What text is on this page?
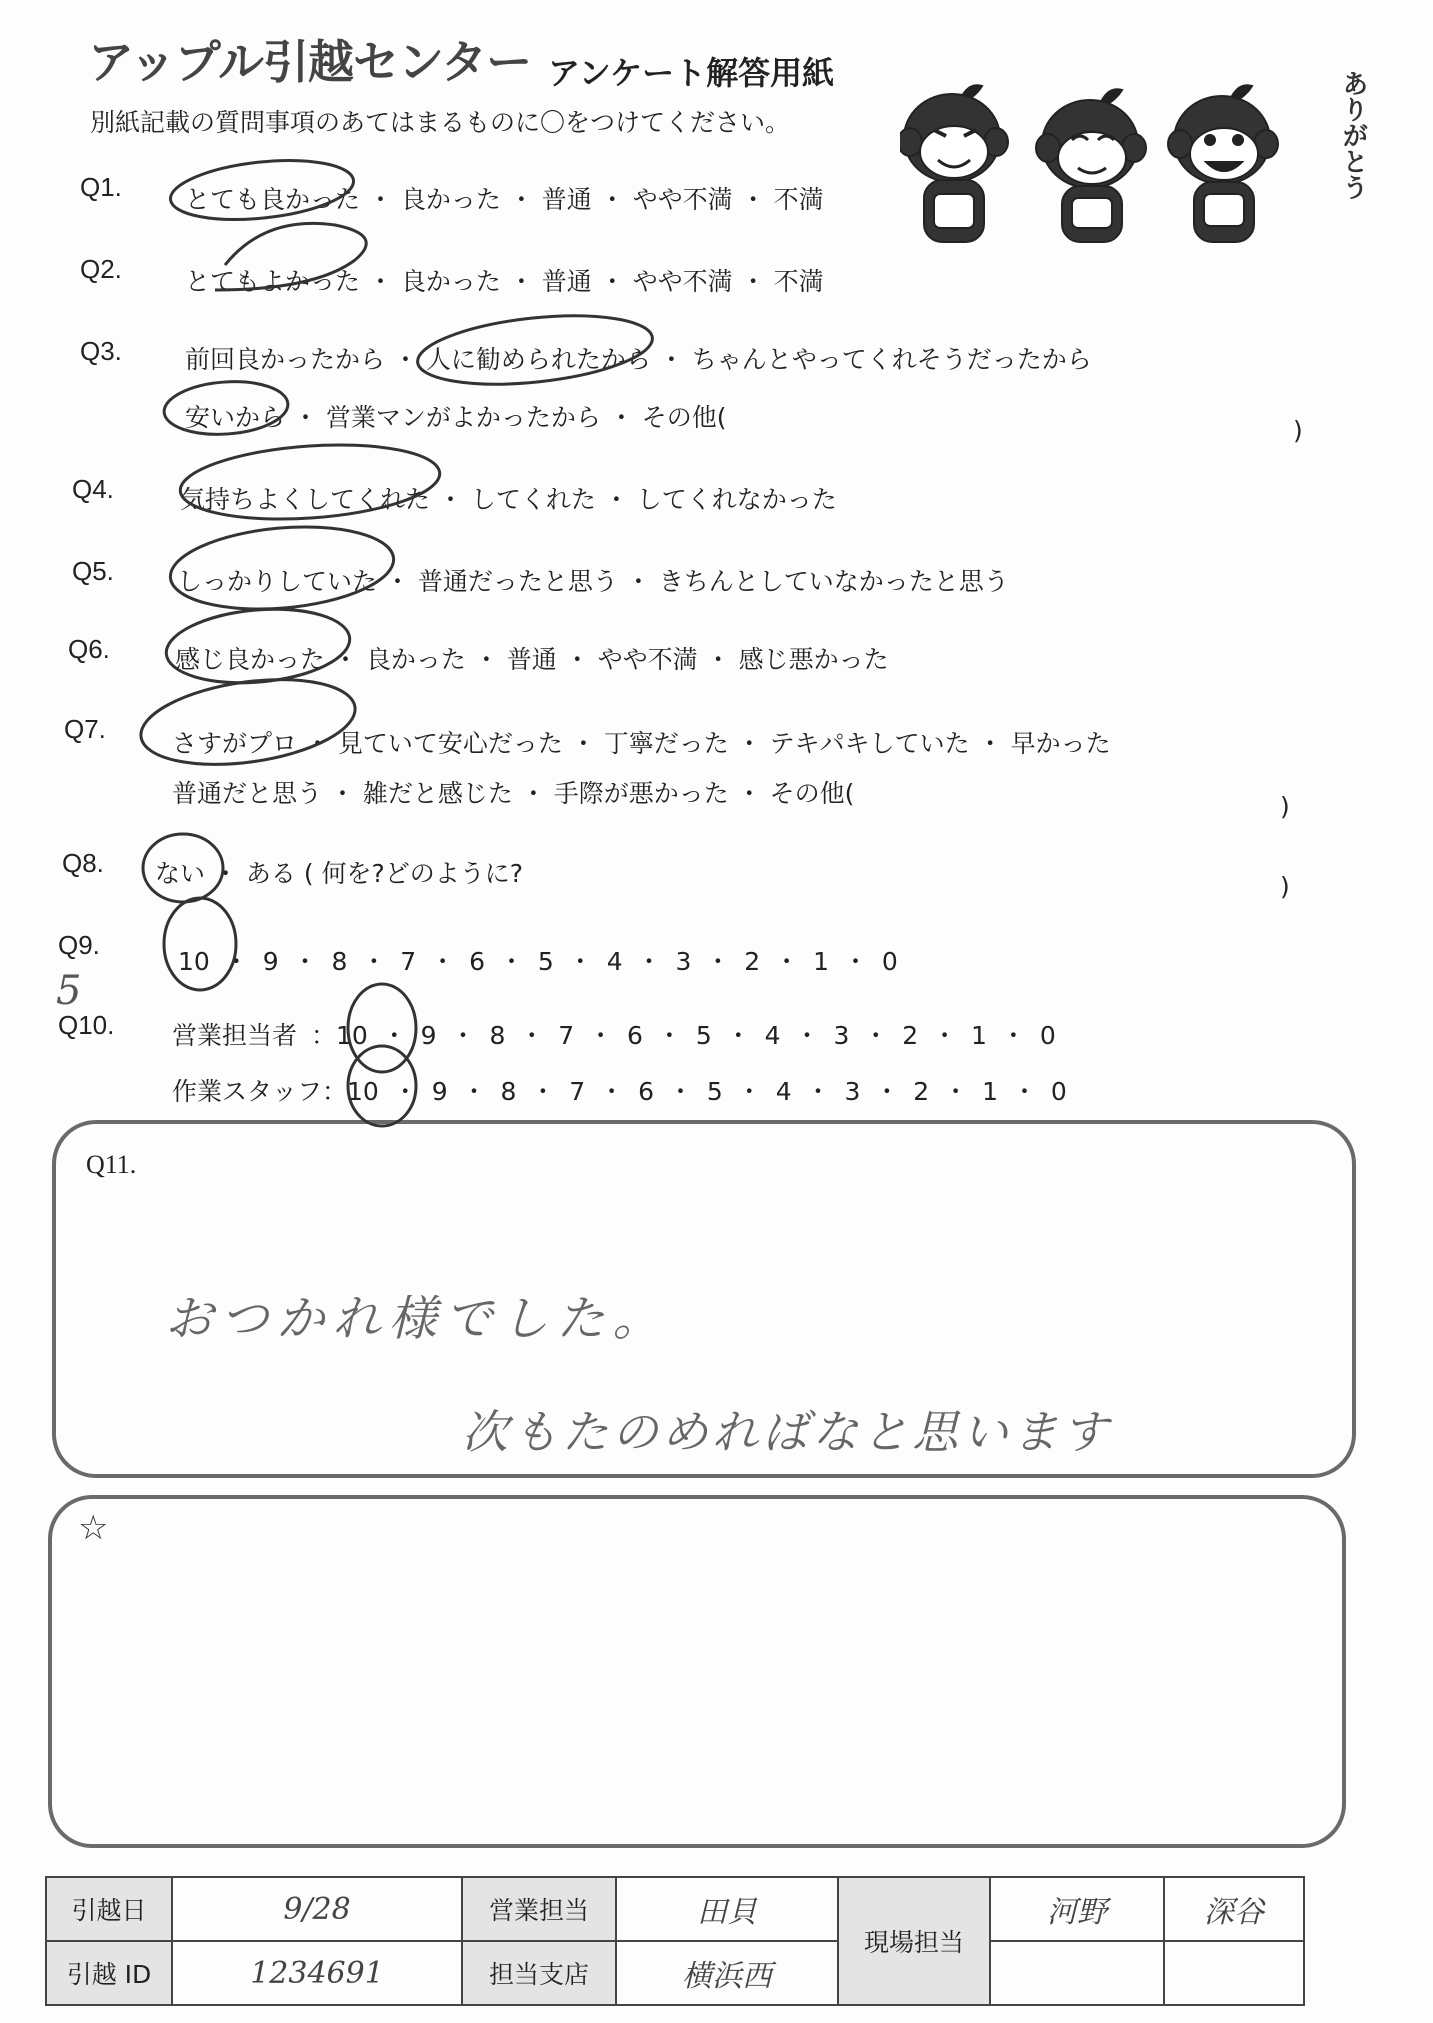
アップル引越センター アンケート解答用紙
別紙記載の質問事項のあてはまるものに〇をつけてください。	ありがとう
Q1.	とても良かった ・ 良かった ・ 普通 ・ やや不満 ・ 不満
Q2.	とてもよかった ・ 良かった ・ 普通 ・ やや不満 ・ 不満
Q3.	前回良かったから ・ 人に勧められたから ・ ちゃんとやってくれそうだったから
安いから ・ 営業マンがよかったから ・ その他(	)
Q4.	気持ちよくしてくれた ・ してくれた ・ してくれなかった
Q5.	しっかりしていた ・ 普通だったと思う ・ きちんとしていなかったと思う
Q6.	感じ良かった ・ 良かった ・ 普通 ・ やや不満 ・ 感じ悪かった
Q7.	さすがプロ ・ 見ていて安心だった ・ 丁寧だった ・ テキパキしていた ・ 早かった
普通だと思う ・ 雑だと感じた ・ 手際が悪かった ・ その他(	)
Q8. ない ・ ある ( 何を?どのように?	)
Q9.
10 ・ 9 ・ 8 ・ 7 ・ 6 ・ 5 ・ 4 ・ 3 ・ 2 ・ 1 ・ 0
5
Q10. 営業担当者 ：10 ・ 9 ・ 8 ・ 7 ・ 6 ・ 5 ・ 4 ・ 3 ・ 2 ・ 1 ・ 0
作業スタッフ：10 ・ 9 ・ 8 ・ 7 ・ 6 ・ 5 ・ 4 ・ 3 ・ 2 ・ 1 ・ 0
Q11.
おつかれ様でした。
次もたのめればなと思います
☆
引越日	9/28	営業担当	田貝	現場担当	河野	深谷
引越 ID	1234691	担当支店	横浜西			
